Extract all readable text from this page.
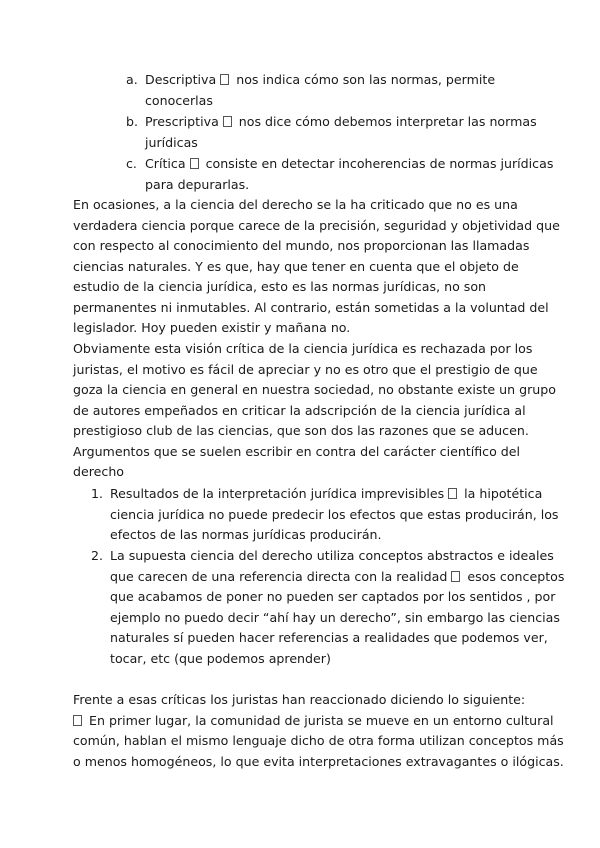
a. Descriptiva  nos indica cómo son las normas, permite
conocerlas
b. Prescriptiva  nos dice cómo debemos interpretar las normas
jurídicas
c. Crítica  consiste en detectar incoherencias de normas jurídicas
para depurarlas.
En ocasiones, a la ciencia del derecho se la ha criticado que no es una
verdadera ciencia porque carece de la precisión, seguridad y objetividad que
con respecto al conocimiento del mundo, nos proporcionan las llamadas
ciencias naturales. Y es que, hay que tener en cuenta que el objeto de
estudio de la ciencia jurídica, esto es las normas jurídicas, no son
permanentes ni inmutables. Al contrario, están sometidas a la voluntad del
legislador. Hoy pueden existir y mañana no.
Obviamente esta visión crítica de la ciencia jurídica es rechazada por los
juristas, el motivo es fácil de apreciar y no es otro que el prestigio de que
goza la ciencia en general en nuestra sociedad, no obstante existe un grupo
de autores empeñados en criticar la adscripción de la ciencia jurídica al
prestigioso club de las ciencias, que son dos las razones que se aducen.
Argumentos que se suelen escribir en contra del carácter científico del
derecho
1. Resultados de la interpretación jurídica imprevisibles  la hipotética
ciencia jurídica no puede predecir los efectos que estas producirán, los
efectos de las normas jurídicas producirán.
2. La supuesta ciencia del derecho utiliza conceptos abstractos e ideales
que carecen de una referencia directa con la realidad  esos conceptos
que acabamos de poner no pueden ser captados por los sentidos , por
ejemplo no puedo decir “ahí hay un derecho”, sin embargo las ciencias
naturales sí pueden hacer referencias a realidades que podemos ver,
tocar, etc (que podemos aprender)
Frente a esas críticas los juristas han reaccionado diciendo lo siguiente:
En primer lugar, la comunidad de jurista se mueve en un entorno cultural
común, hablan el mismo lenguaje dicho de otra forma utilizan conceptos más
o menos homogéneos, lo que evita interpretaciones extravagantes o ilógicas.
